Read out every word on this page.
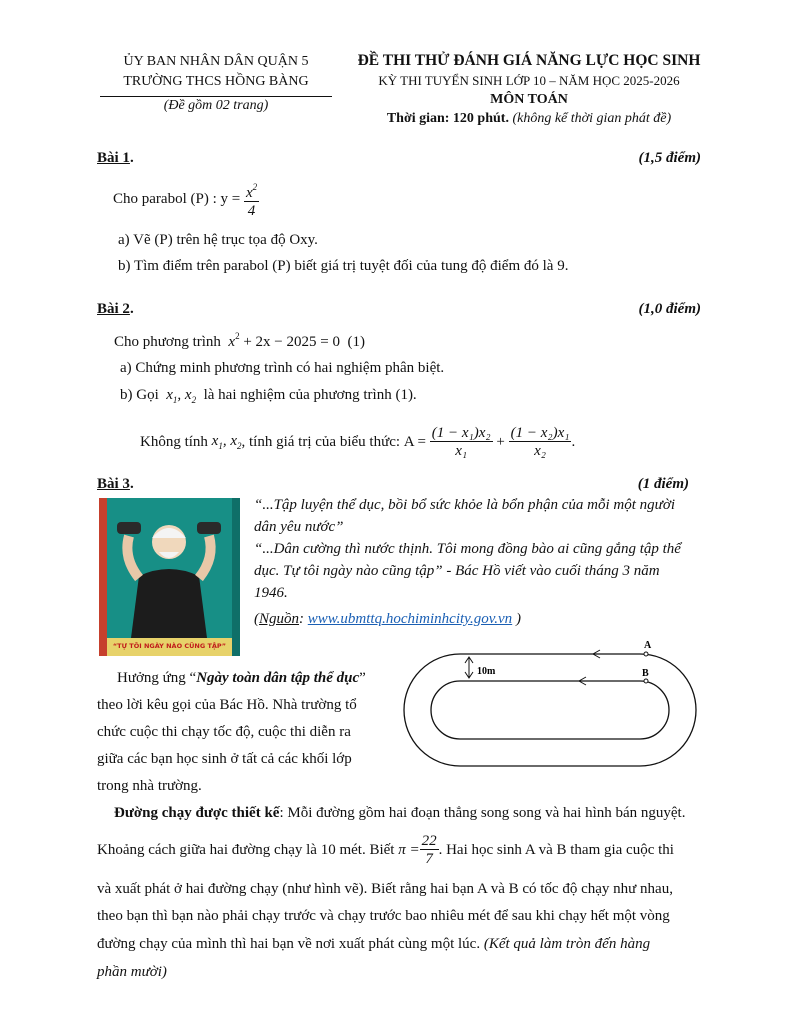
ỦY BAN NHÂN DÂN QUẬN 5
TRƯỜNG THCS HỒNG BÀNG
(Đề gồm 02 trang)
ĐỀ THI THỬ ĐÁNH GIÁ NĂNG LỰC HỌC SINH
KỲ THI TUYỂN SINH LỚP 10 – NĂM HỌC 2025-2026
MÔN TOÁN
Thời gian: 120 phút. (không kể thời gian phát đề)
Bài 1.	(1,5 điểm)
Cho parabol
(P) : y =
$\frac{x^2}{4}$
a) Vẽ (P) trên hệ trục tọa độ Oxy.
b) Tìm điểm trên parabol (P) biết giá trị tuyệt đối của tung độ điểm đó là 9.
Bài 2.	(1,0 điểm)
Cho phương trình $x^2 + 2x - 2025 = 0$ (1)
a) Chứng minh phương trình có hai nghiệm phân biệt.
b) Gọi $x_1$, $x_2$ là hai nghiệm của phương trình (1).
Không tính
$x_1$, $x_2$ , tính giá trị của biểu thức:
A =
$\frac{\text{(1 − x₁)x₂}}{\text{x₁}} + \frac{\text{(1 − x₂)x₁}}{\text{x₂}}$ .
Bài 3.	(1 điểm)
“TỰ TÔI NGÀY NÀO CŨNG TẬP”
“...Tập luyện thể dục, bồi bổ sức khỏe là bổn phận của mỗi một người
dân yêu nước”
“...Dân cường thì nước thịnh. Tôi mong đồng bào ai cũng gắng tập thể
dục. Tự tôi ngày nào cũng tập” - Bác Hồ viết vào cuối tháng 3 năm
1946.
(Nguồn: www.ubmttq.hochiminhcity.gov.vn )
Hưởng ứng “Ngày toàn dân tập thể dục”
theo lời kêu gọi của Bác Hồ. Nhà trường tổ
chức cuộc thi chạy tốc độ, cuộc thi diễn ra
giữa các bạn học sinh ở tất cả các khối lớp
trong nhà trường.
10m
A
B
Đường chạy được thiết kế: Mỗi đường gồm hai đoạn thẳng song song và hai hình bán nguyệt.
Khoảng cách giữa hai đường chạy là 10 mét. Biết
$\pi = \frac{22}{7}$ . Hai học sinh A và B tham gia cuộc thi
và xuất phát ở hai đường chạy (như hình vẽ). Biết rằng hai bạn A và B có tốc độ chạy như nhau,
theo bạn thì bạn nào phải chạy trước và chạy trước bao nhiêu mét để sau khi chạy hết một vòng
đường chạy của mình thì hai bạn về nơi xuất phát cùng một lúc. (Kết quả làm tròn đến hàng
phần mười)
